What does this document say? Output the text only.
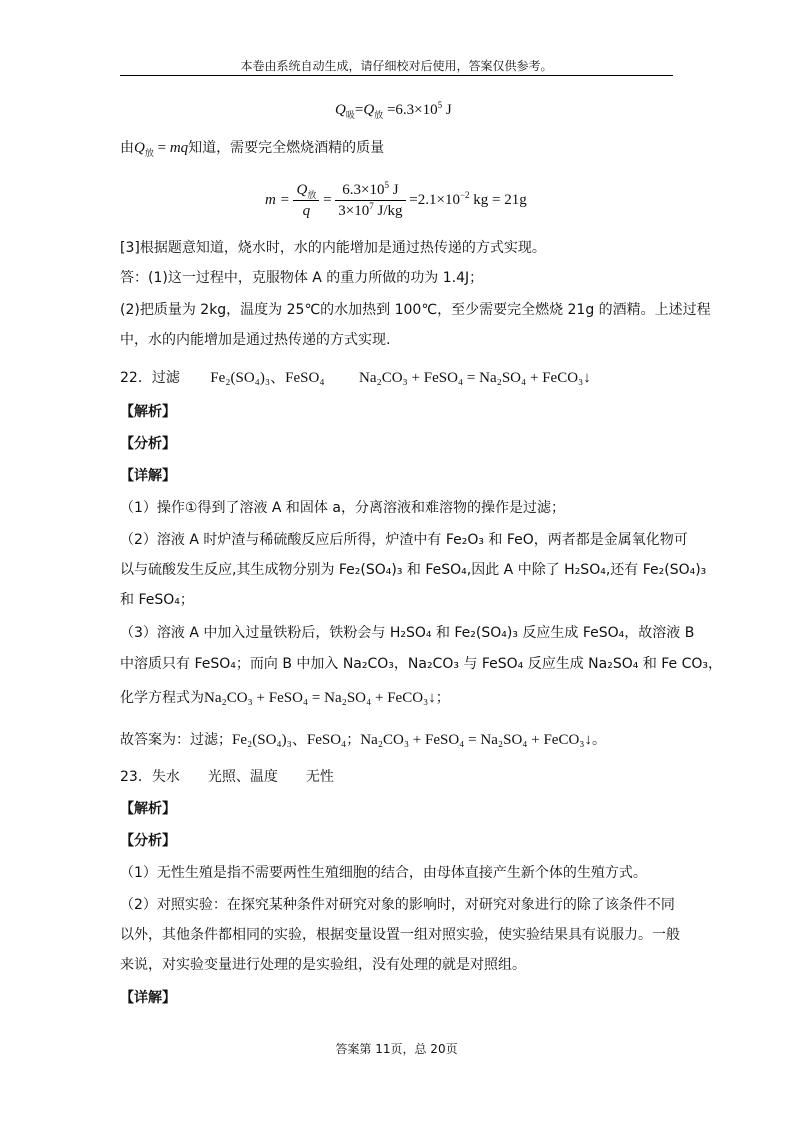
本卷由系统自动生成，请仔细校对后使用，答案仅供参考。
$Q_吸=Q_放 =6.3\times 10^5$ J
由$Q_放$ = mq知道，需要完全燃烧酒精的质量
$m = \frac{Q_放}{q} = \frac{6.3\times 10^5 J}{3\times 10^7 J/kg} =2.1\times 10^{-2}$ kg = 21g
[3]根据题意知道，烧水时，水的内能增加是通过热传递的方式实现。
答：(1)这一过程中，克服物体 A 的重力所做的功为 1.4J；
(2)把质量为 2kg，温度为 25℃的水加热到 100℃，至少需要完全燃烧 21g 的酒精。上述过程
中，水的内能增加是通过热传递的方式实现.
22．过滤 Fe₂(SO₄)₃、FeSO₄ Na₂CO₃ + FeSO₄ = Na₂SO₄ + FeCO₃↓
【解析】
【分析】
【详解】
（1）操作①得到了溶液 A 和固体 a，分离溶液和难溶物的操作是过滤；
（2）溶液 A 时炉渣与稀硫酸反应后所得，炉渣中有 Fe₂O₃ 和 FeO，两者都是金属氧化物可
以与硫酸发生反应,其生成物分别为 Fe₂(SO₄)₃ 和 FeSO₄,因此 A 中除了 H₂SO₄,还有 Fe₂(SO₄)₃
和 FeSO₄；
（3）溶液 A 中加入过量铁粉后，铁粉会与 H₂SO₄ 和 Fe₂(SO₄)₃ 反应生成 FeSO₄，故溶液 B
中溶质只有 FeSO₄；而向 B 中加入 Na₂CO₃，Na₂CO₃ 与 FeSO₄ 反应生成 Na₂SO₄ 和 Fe CO₃，
化学方程式为Na₂CO₃ + FeSO₄ = Na₂SO₄ + FeCO₃↓；
故答案为：过滤；Fe₂(SO₄)₃、FeSO₄；Na₂CO₃ + FeSO₄ = Na₂SO₄ + FeCO₃↓。
23．失水　　光照、温度　　无性
【解析】
【分析】
（1）无性生殖是指不需要两性生殖细胞的结合，由母体直接产生新个体的生殖方式。
（2）对照实验：在探究某种条件对研究对象的影响时，对研究对象进行的除了该条件不同
以外，其他条件都相同的实验，根据变量设置一组对照实验，使实验结果具有说服力。一般
来说，对实验变量进行处理的是实验组，没有处理的就是对照组。
【详解】
答案第 11页，总 20页
